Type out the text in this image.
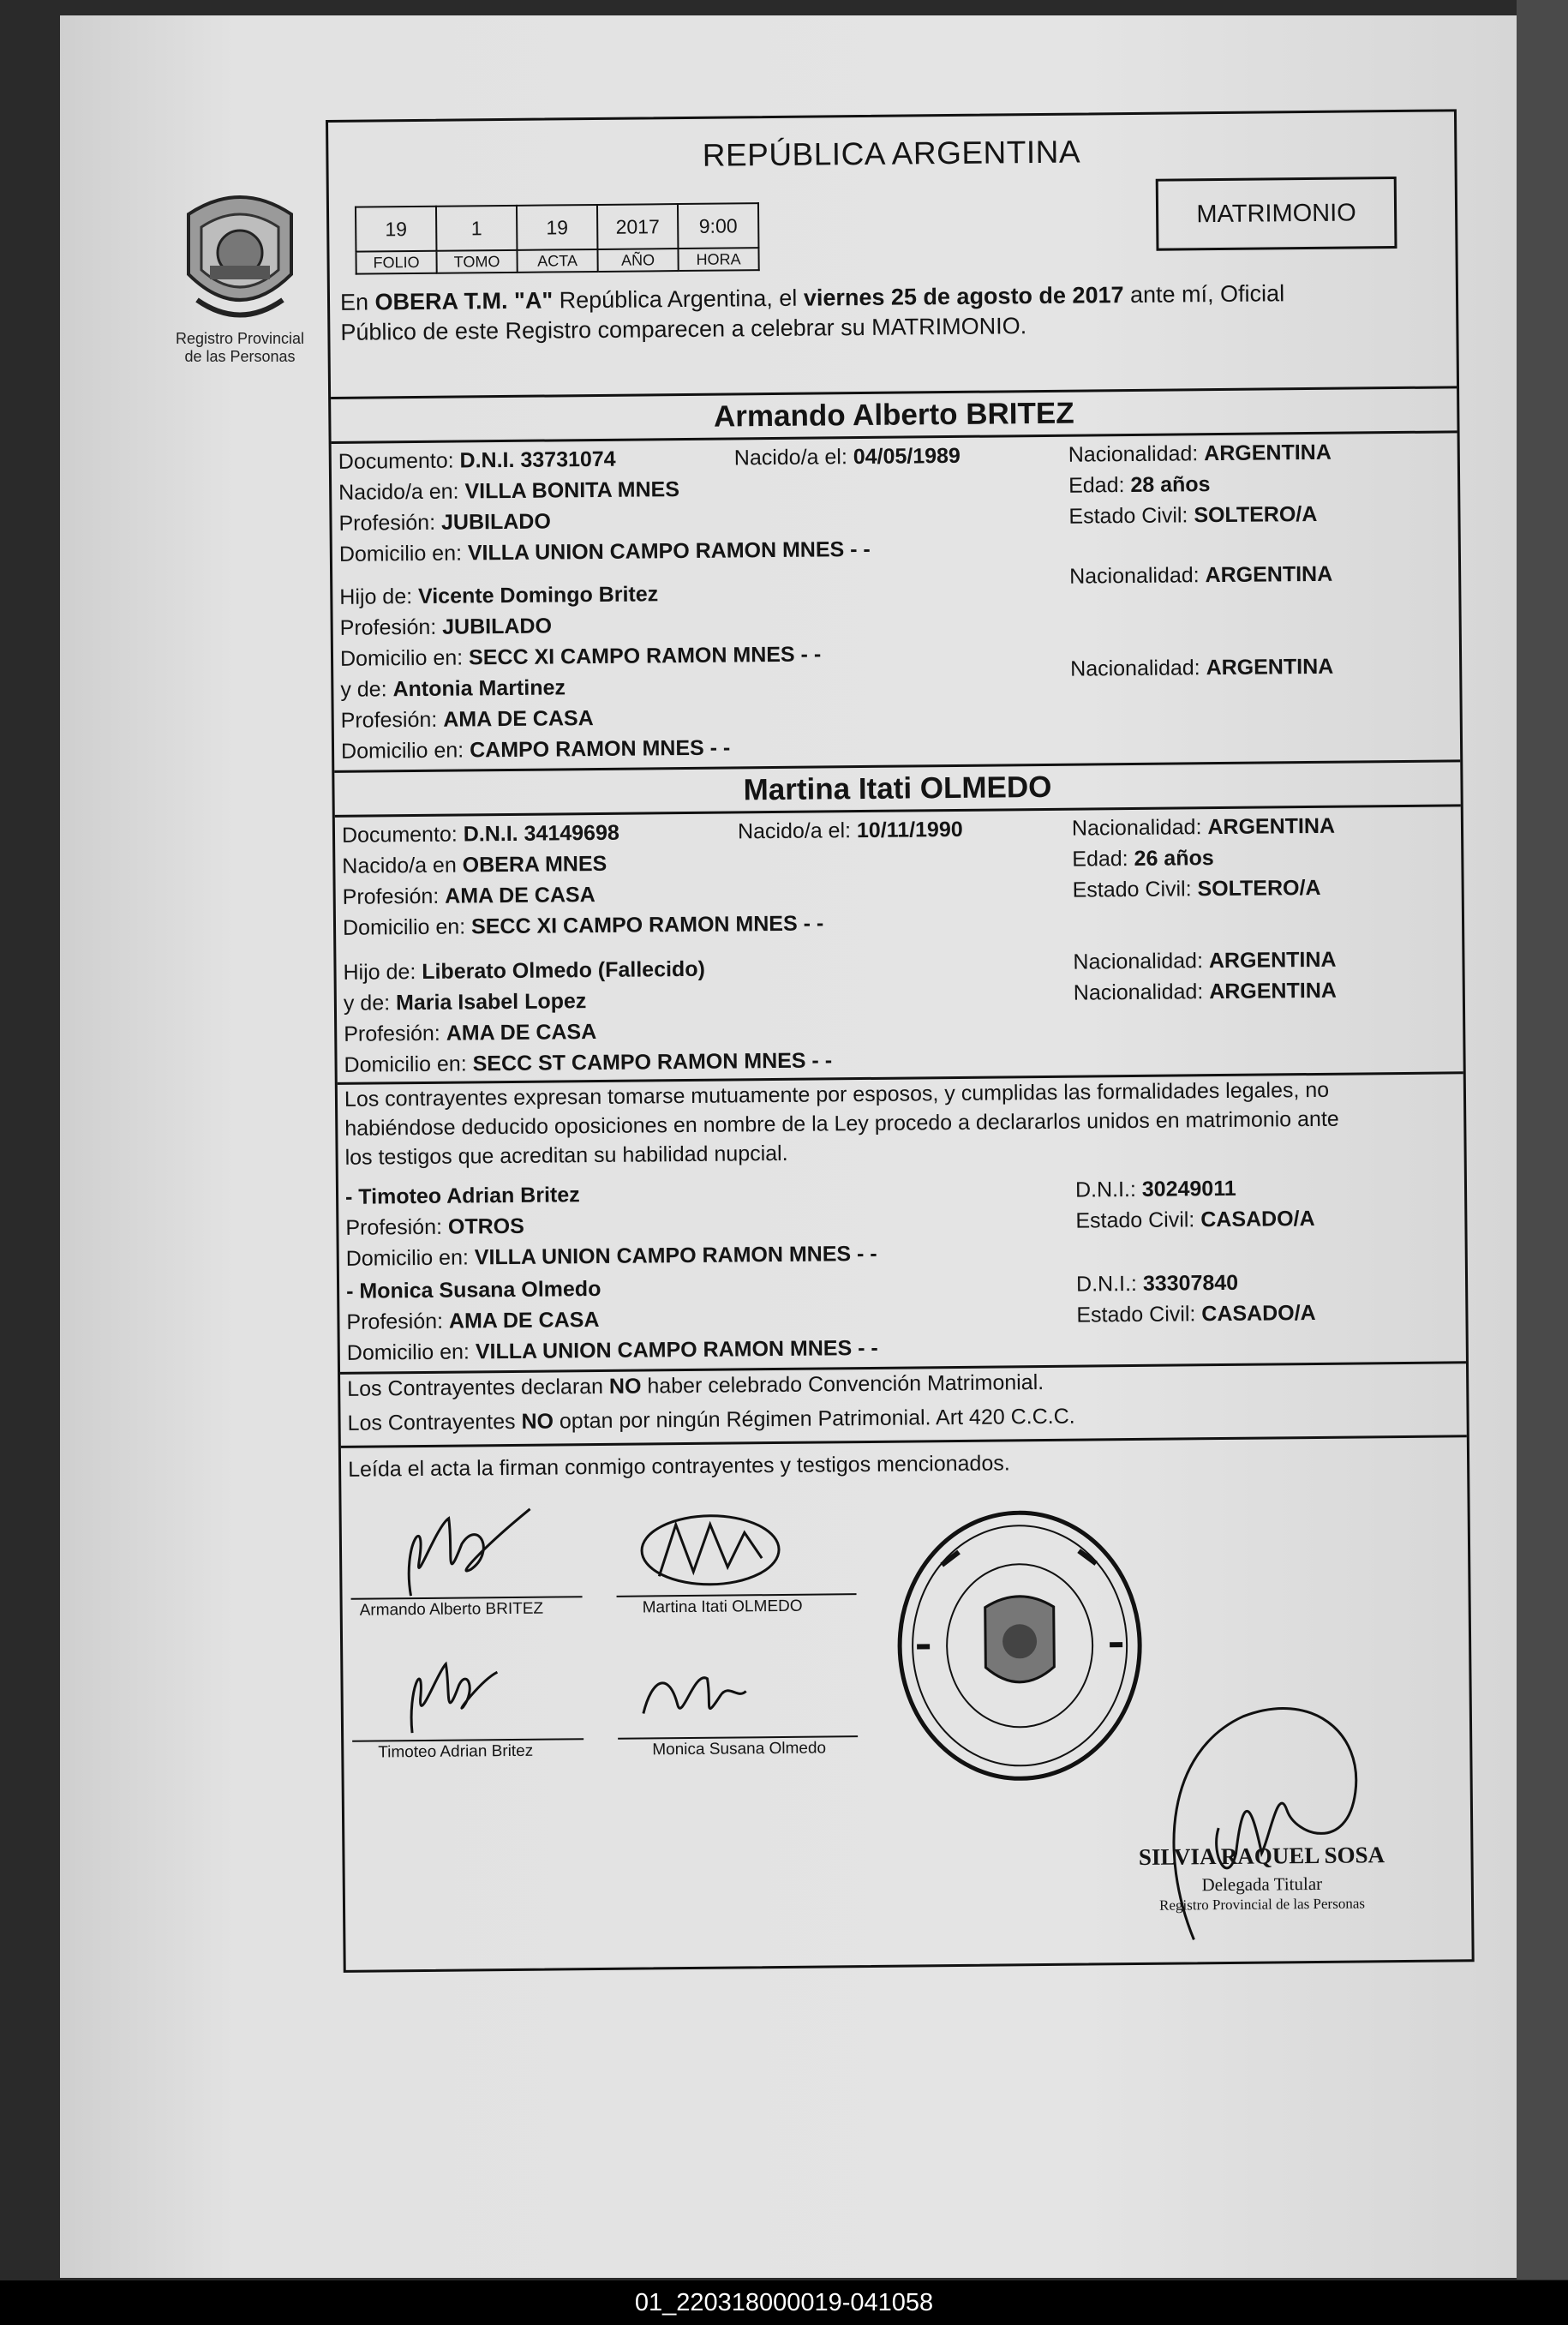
Registro Provincial
de las Personas
REPÚBLICA ARGENTINA
MATRIMONIO
19	1	19	2017	9:00
FOLIO	TOMO	ACTA	AÑO	HORA
En OBERA T.M. "A" República Argentina, el viernes 25 de agosto de 2017 ante mí, Oficial
Público de este Registro comparecen a celebrar su MATRIMONIO.
Armando Alberto BRITEZ
Documento: D.N.I. 33731074	Nacido/a el: 04/05/1989	Nacionalidad: ARGENTINA
Nacido/a en: VILLA BONITA MNES	Edad: 28 años
Profesión: JUBILADO	Estado Civil: SOLTERO/A
Domicilio en: VILLA UNION CAMPO RAMON MNES - -
Hijo de: Vicente Domingo Britez
Nacionalidad: ARGENTINA
Profesión: JUBILADO
Domicilio en: SECC XI CAMPO RAMON MNES - -
y de: Antonia Martinez
Nacionalidad: ARGENTINA
Profesión: AMA DE CASA
Domicilio en: CAMPO RAMON MNES - -
Martina Itati OLMEDO
Documento: D.N.I. 34149698	Nacido/a el: 10/11/1990	Nacionalidad: ARGENTINA
Nacido/a en OBERA MNES	Edad: 26 años
Profesión: AMA DE CASA	Estado Civil: SOLTERO/A
Domicilio en: SECC XI CAMPO RAMON MNES - -
Hijo de: Liberato Olmedo (Fallecido)	Nacionalidad: ARGENTINA
y de: Maria Isabel Lopez	Nacionalidad: ARGENTINA
Profesión: AMA DE CASA
Domicilio en: SECC ST CAMPO RAMON MNES - -
Los contrayentes expresan tomarse mutuamente por esposos, y cumplidas las formalidades legales, no
habiéndose deducido oposiciones en nombre de la Ley procedo a declararlos unidos en matrimonio ante
los testigos que acreditan su habilidad nupcial.
- Timoteo Adrian Britez	D.N.I.: 30249011
Profesión: OTROS	Estado Civil: CASADO/A
Domicilio en: VILLA UNION CAMPO RAMON MNES - -
- Monica Susana Olmedo	D.N.I.: 33307840
Profesión: AMA DE CASA	Estado Civil: CASADO/A
Domicilio en: VILLA UNION CAMPO RAMON MNES - -
Los Contrayentes declaran NO haber celebrado Convención Matrimonial.
Los Contrayentes NO optan por ningún Régimen Patrimonial. Art 420 C.C.C.
Leída el acta la firman conmigo contrayentes y testigos mencionados.
Armando Alberto BRITEZ	Martina Itati OLMEDO
Timoteo Adrian Britez	Monica Susana Olmedo
SILVIA RAQUEL SOSA
Delegada Titular
Registro Provincial de las Personas
01_220318000019-041058
